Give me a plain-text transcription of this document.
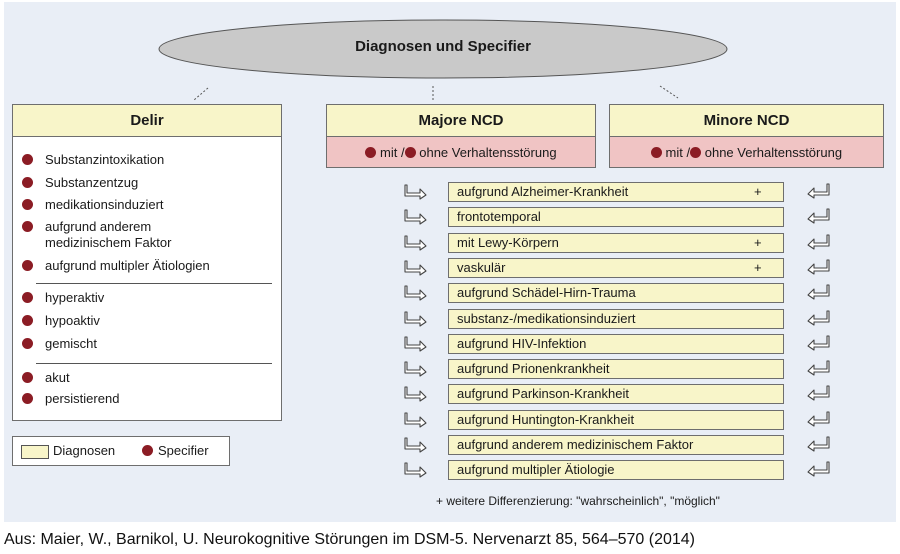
Diagnosen und Specifier
Delir
Substanzintoxikation
Substanzentzug
medikationsinduziert
aufgrund anderem medizinischem Faktor
aufgrund multipler Ätiologien
hyperaktiv
hypoaktiv
gemischt
akut
persistierend
Majore NCD

mit /
ohne Verhaltensstörung
Minore NCD

mit /
ohne Verhaltensstörung
aufgrund Alzheimer-Krankheit	+
frontotemporal
mit Lewy-Körpern	+
vaskulär	+
aufgrund Schädel-Hirn-Trauma
substanz-/medikationsinduziert
aufgrund HIV-Infektion
aufgrund Prionenkrankheit
aufgrund Parkinson-Krankheit
aufgrund Huntington-Krankheit
aufgrund anderem medizinischem Faktor
aufgrund multipler Ätiologie
+ weitere Differenzierung: "wahrscheinlich", "möglich"
Diagnosen	Specifier
Aus: Maier, W., Barnikol, U. Neurokognitive Störungen im DSM-5. Nervenarzt 85, 564–570 (2014)
